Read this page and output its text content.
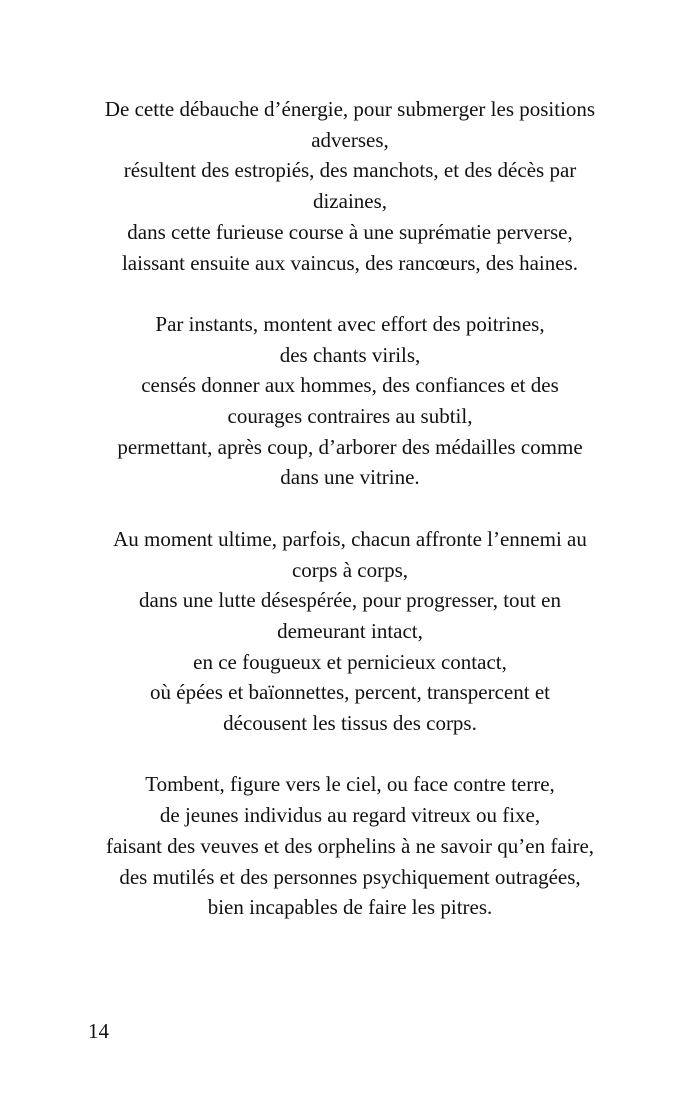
De cette débauche d’énergie, pour submerger les positions
adverses,
résultent des estropiés, des manchots, et des décès par
dizaines,
dans cette furieuse course à une suprématie perverse,
laissant ensuite aux vaincus, des rancœurs, des haines.

Par instants, montent avec effort des poitrines,
des chants virils,
censés donner aux hommes, des confiances et des
courages contraires au subtil,
permettant, après coup, d’arborer des médailles comme
dans une vitrine.

Au moment ultime, parfois, chacun affronte l’ennemi au
corps à corps,
dans une lutte désespérée, pour progresser, tout en
demeurant intact,
en ce fougueux et pernicieux contact,
où épées et baïonnettes, percent, transpercent et
décousent les tissus des corps.

Tombent, figure vers le ciel, ou face contre terre,
de jeunes individus au regard vitreux ou fixe,
faisant des veuves et des orphelins à ne savoir qu’en faire,
des mutilés et des personnes psychiquement outragées,
bien incapables de faire les pitres.

14
